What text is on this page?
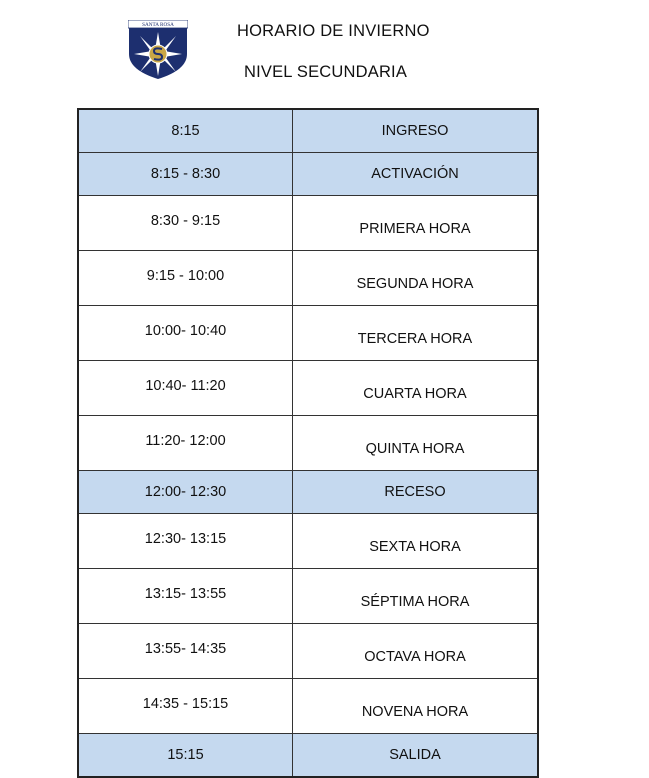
SANTA ROSA	HORARIO DE INVIERNO
NIVEL SECUNDARIA
8:15	INGRESO
8:15 - 8:30	ACTIVACIÓN
8:30 - 9:15	PRIMERA HORA
9:15 - 10:00	SEGUNDA HORA
10:00- 10:40	TERCERA HORA
10:40- 11:20	CUARTA HORA
11:20- 12:00	QUINTA HORA
12:00- 12:30	RECESO
12:30- 13:15	SEXTA HORA
13:15- 13:55	SÉPTIMA HORA
13:55- 14:35	OCTAVA HORA
14:35 - 15:15	NOVENA HORA
15:15	SALIDA
